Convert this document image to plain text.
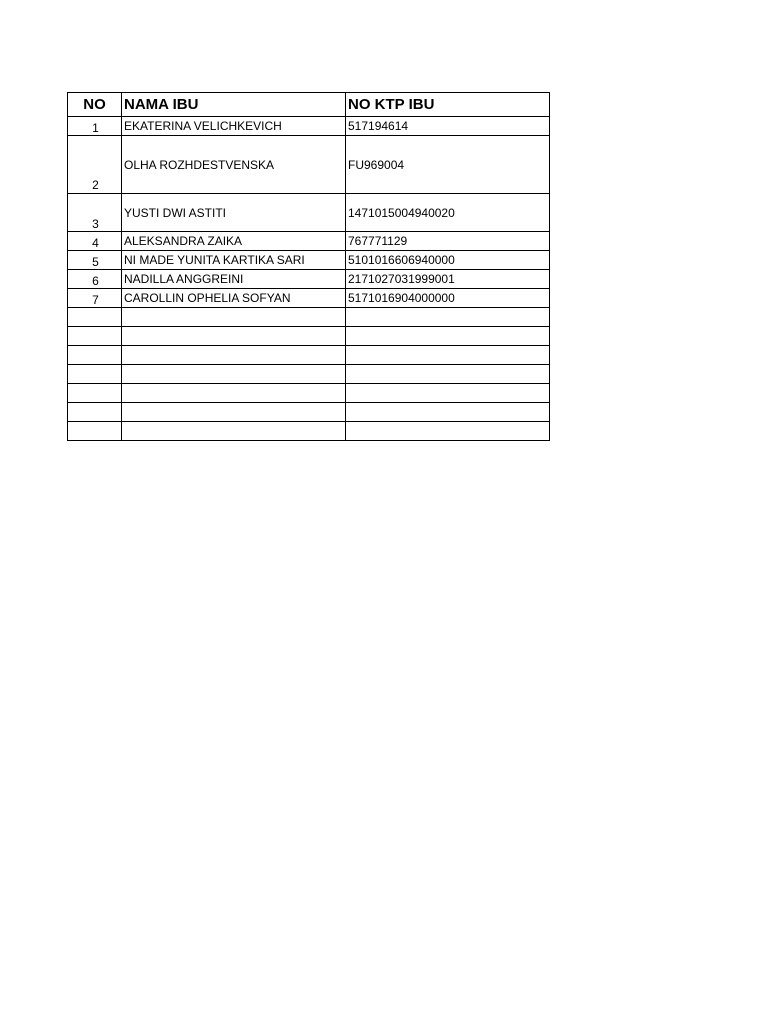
NO	NAMA IBU	NO KTP IBU
1	EKATERINA VELICHKEVICH	517194614
2	OLHA ROZHDESTVENSKA	FU969004
3	YUSTI DWI ASTITI	1471015004940020
4	ALEKSANDRA ZAIKA	767771129
5	NI MADE YUNITA KARTIKA SARI	5101016606940000
6	NADILLA ANGGREINI	2171027031999001
7	CAROLLIN OPHELIA SOFYAN	5171016904000000
